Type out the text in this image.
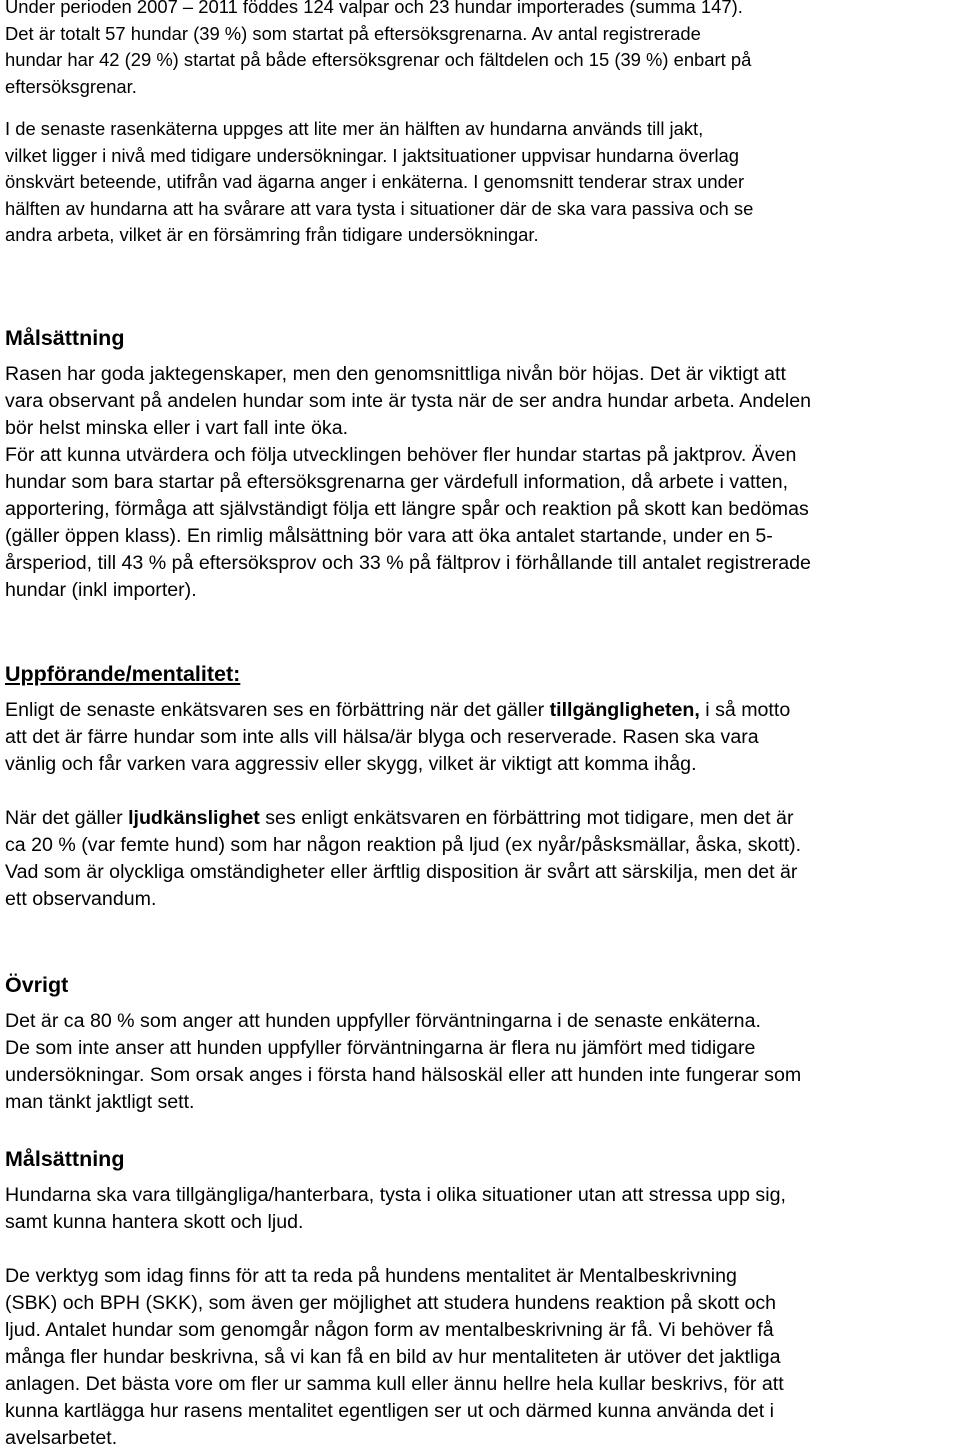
Under perioden 2007 – 2011 föddes 124 valpar och 23 hundar importerades (summa 147).
Det är totalt 57 hundar (39 %) som startat på eftersöksgrenarna. Av antal registrerade
hundar har 42 (29 %) startat på både eftersöksgrenar och fältdelen och 15 (39 %) enbart på
eftersöksgrenar.

I de senaste rasenkäterna uppges att lite mer än hälften av hundarna används till jakt,
vilket ligger i nivå med tidigare undersökningar. I jaktsituationer uppvisar hundarna överlag
önskvärt beteende, utifrån vad ägarna anger i enkäterna. I genomsnitt tenderar strax under
hälften av hundarna att ha svårare att vara tysta i situationer där de ska vara passiva och se
andra arbeta, vilket är en försämring från tidigare undersökningar.

Målsättning

Rasen har goda jaktegenskaper, men den genomsnittliga nivån bör höjas. Det är viktigt att
vara observant på andelen hundar som inte är tysta när de ser andra hundar arbeta. Andelen
bör helst minska eller i vart fall inte öka.
För att kunna utvärdera och följa utvecklingen behöver fler hundar startas på jaktprov. Även
hundar som bara startar på eftersöksgrenarna ger värdefull information, då arbete i vatten,
apportering, förmåga att självständigt följa ett längre spår och reaktion på skott kan bedömas
(gäller öppen klass). En rimlig målsättning bör vara att öka antalet startande, under en 5-
årsperiod, till 43 % på eftersöksprov och 33 % på fältprov i förhållande till antalet registrerade
hundar (inkl importer).

Uppförande/mentalitet:

Enligt de senaste enkätsvaren ses en förbättring när det gäller tillgängligheten, i så motto
att det är färre hundar som inte alls vill hälsa/är blyga och reserverade. Rasen ska vara
vänlig och får varken vara aggressiv eller skygg, vilket är viktigt att komma ihåg.

När det gäller ljudkänslighet ses enligt enkätsvaren en förbättring mot tidigare, men det är
ca 20 % (var femte hund) som har någon reaktion på ljud (ex nyår/påsksmällar, åska, skott).
Vad som är olyckliga omständigheter eller ärftlig disposition är svårt att särskilja, men det är
ett observandum.

Övrigt

Det är ca 80 % som anger att hunden uppfyller förväntningarna i de senaste enkäterna.
De som inte anser att hunden uppfyller förväntningarna är flera nu jämfört med tidigare
undersökningar. Som orsak anges i första hand hälsoskäl eller att hunden inte fungerar som
man tänkt jaktligt sett.

Målsättning

Hundarna ska vara tillgängliga/hanterbara, tysta i olika situationer utan att stressa upp sig,
samt kunna hantera skott och ljud.

De verktyg som idag finns för att ta reda på hundens mentalitet är Mentalbeskrivning
(SBK) och BPH (SKK), som även ger möjlighet att studera hundens reaktion på skott och
ljud. Antalet hundar som genomgår någon form av mentalbeskrivning är få. Vi behöver få
många fler hundar beskrivna, så vi kan få en bild av hur mentaliteten är utöver det jaktliga
anlagen. Det bästa vore om fler ur samma kull eller ännu hellre hela kullar beskrivs, för att
kunna kartlägga hur rasens mentalitet egentligen ser ut och därmed kunna använda det i
avelsarbetet.
